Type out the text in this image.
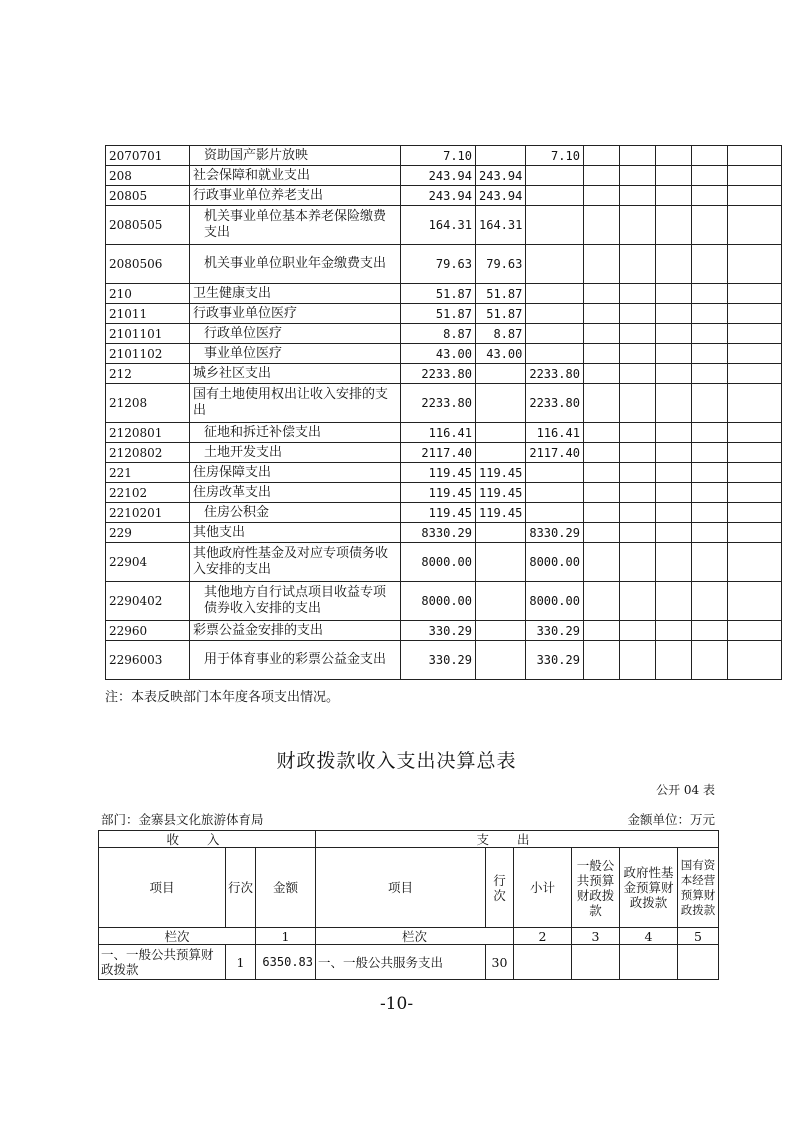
2070701	资助国产影片放映	7.10		7.10					
208	社会保障和就业支出	243.94	243.94						
20805	行政事业单位养老支出	243.94	243.94						
2080505	机关事业单位基本养老保险缴费支出	164.31	164.31						
2080506	机关事业单位职业年金缴费支出	79.63	79.63						
210	卫生健康支出	51.87	51.87						
21011	行政事业单位医疗	51.87	51.87						
2101101	行政单位医疗	8.87	8.87						
2101102	事业单位医疗	43.00	43.00						
212	城乡社区支出	2233.80		2233.80					
21208	国有土地使用权出让收入安排的支出	2233.80		2233.80					
2120801	征地和拆迁补偿支出	116.41		116.41					
2120802	土地开发支出	2117.40		2117.40					
221	住房保障支出	119.45	119.45						
22102	住房改革支出	119.45	119.45						
2210201	住房公积金	119.45	119.45						
229	其他支出	8330.29		8330.29					
22904	其他政府性基金及对应专项债务收入安排的支出	8000.00		8000.00					
2290402	其他地方自行试点项目收益专项债券收入安排的支出	8000.00		8000.00					
22960	彩票公益金安排的支出	330.29		330.29					
2296003	用于体育事业的彩票公益金支出	330.29		330.29					
注：本表反映部门本年度各项支出情况。
财政拨款收入支出决算总表
公开 04 表
部门：金寨县文化旅游体育局	金额单位：万元
收入			支出					
项目	行次	金额	项目	行次	小计	一般公共预算财政拨款	政府性基金预算财政拨款	国有资本经营预算财政拨款
栏次		1	栏次		2	3	4	5
一、一般公共预算财政拨款	1	6350.83	一、一般公共服务支出	30				
-10-
